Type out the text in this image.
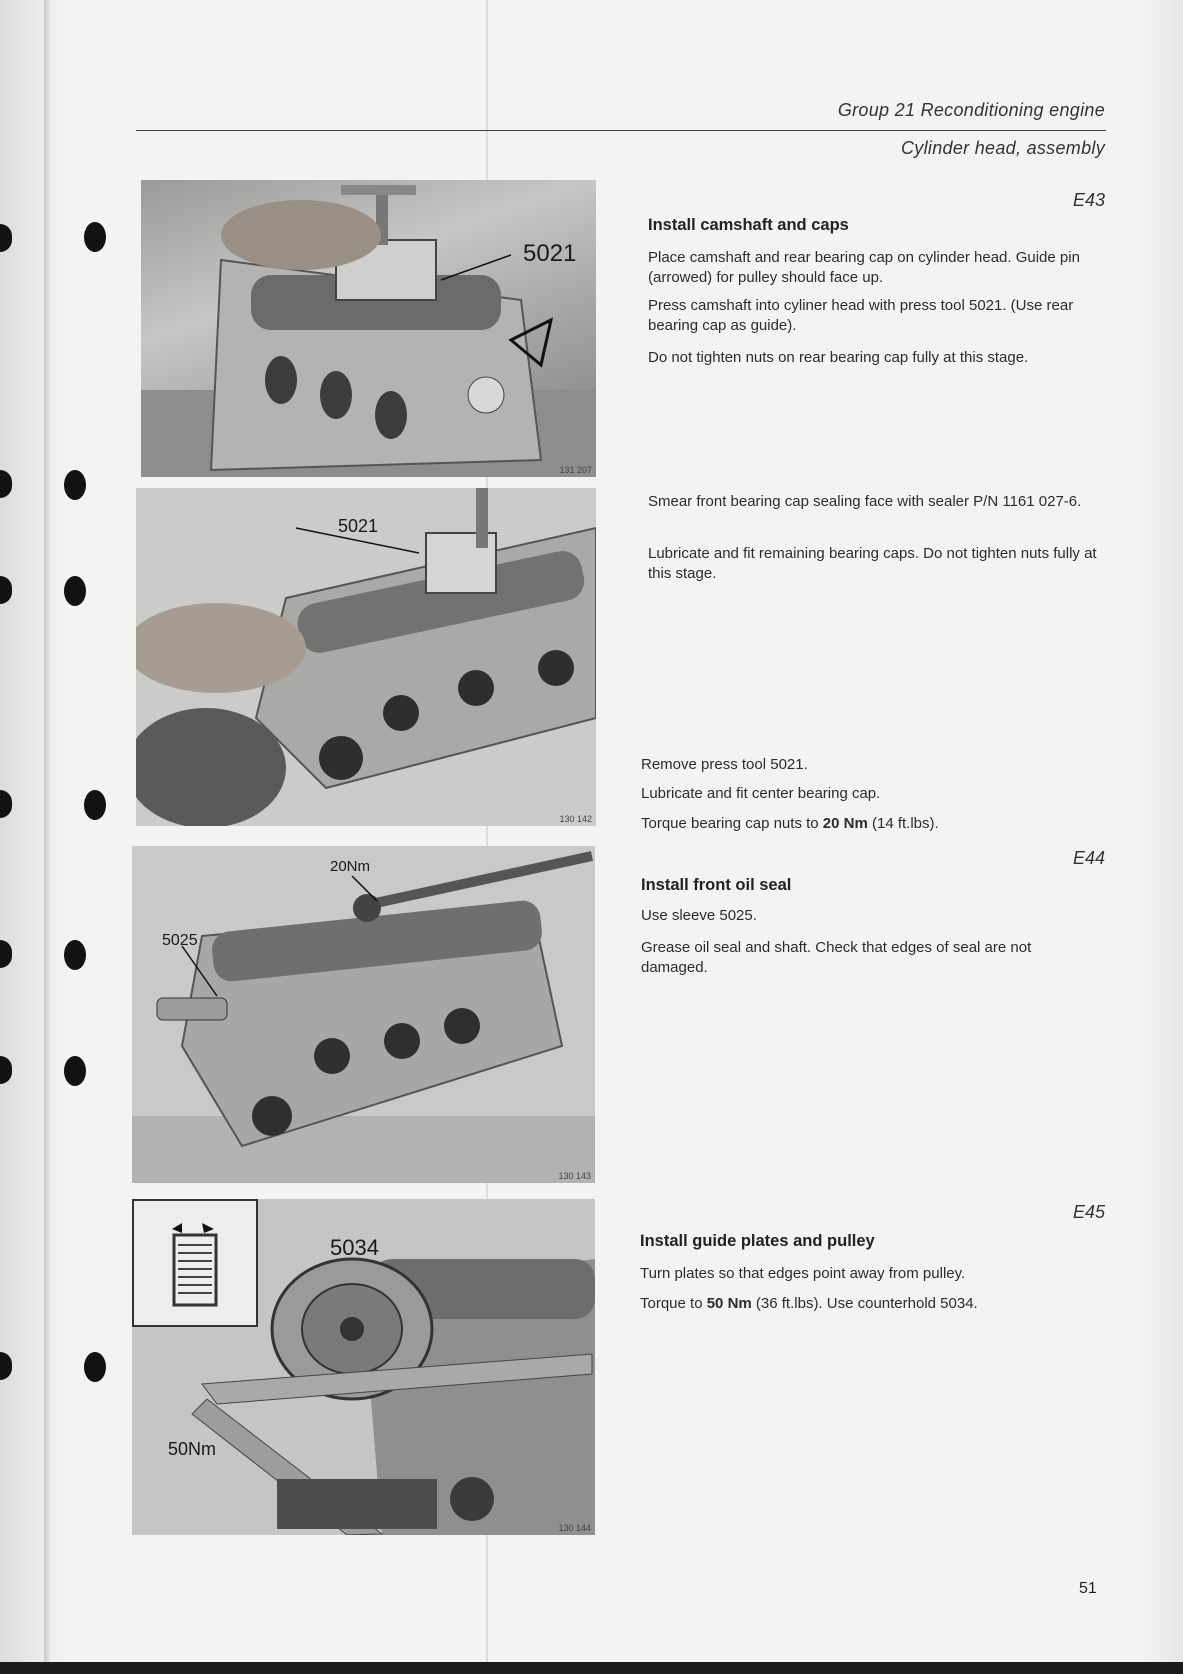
Group 21 Reconditioning engine
Cylinder head, assembly
5021
131 207
5021
130 142
20Nm
5025
130 143
5034
50Nm
130 144
E43
Install camshaft and caps
Place camshaft and rear bearing cap on cylinder head. Guide pin (arrowed) for pulley should face up.
Press camshaft into cyliner head with press tool 5021. (Use rear bearing cap as guide).
Do not tighten nuts on rear bearing cap fully at this stage.
Smear front bearing cap sealing face with sealer P/N 1161 027-6.
Lubricate and fit remaining bearing caps. Do not tighten nuts fully at this stage.
Remove press tool 5021.
Lubricate and fit center bearing cap.
Torque bearing cap nuts to 20 Nm (14 ft.lbs).
E44
Install front oil seal
Use sleeve 5025.
Grease oil seal and shaft. Check that edges of seal are not damaged.
E45
Install guide plates and pulley
Turn plates so that edges point away from pulley.
Torque to 50 Nm (36 ft.lbs). Use counterhold 5034.
51
